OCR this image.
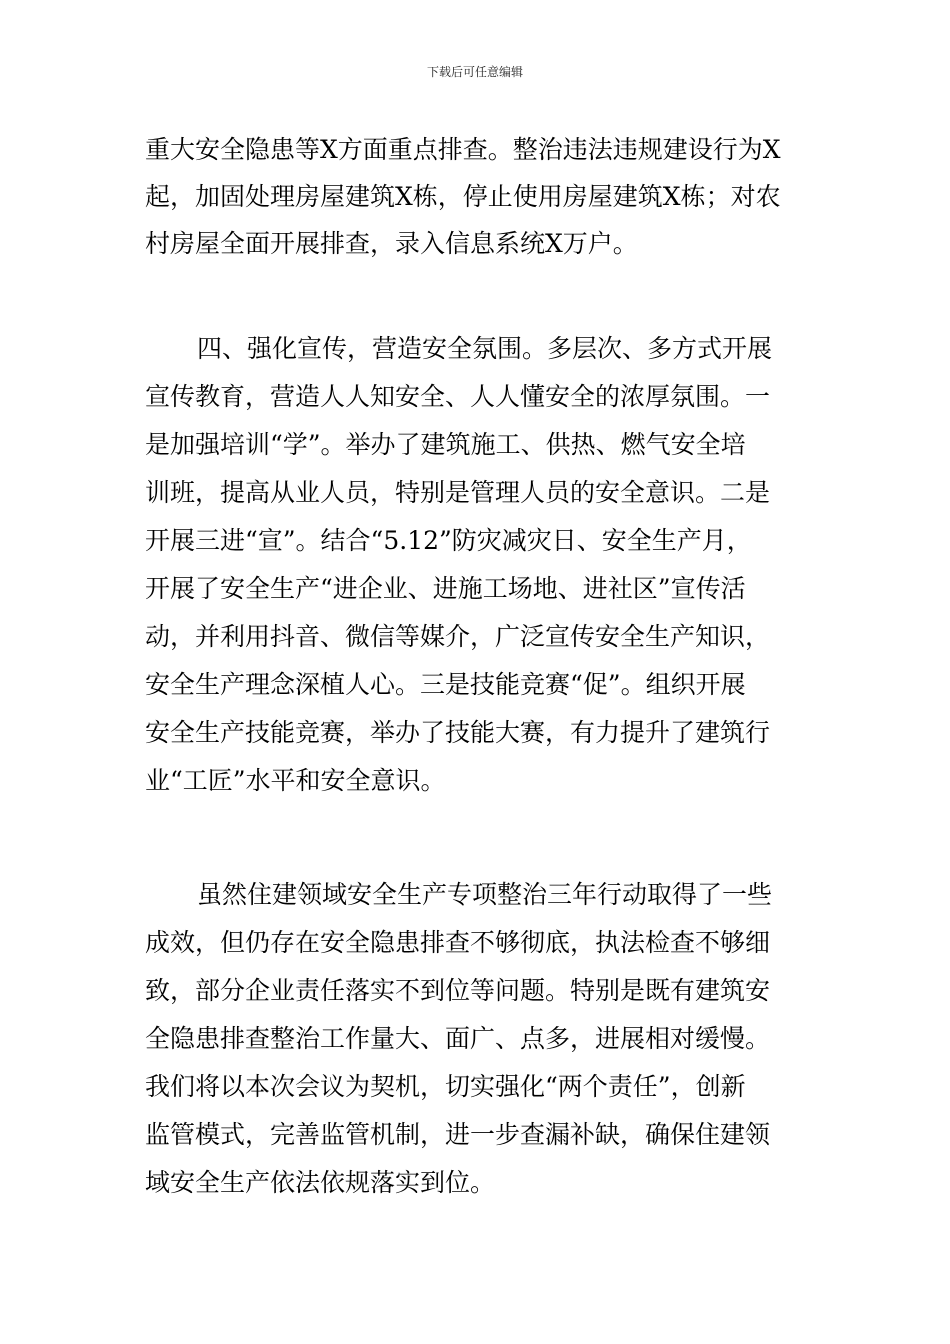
下载后可任意编辑
重大安全隐患等X方面重点排查。整治违法违规建设行为X
起，加固处理房屋建筑X栋，停止使用房屋建筑X栋；对农
村房屋全面开展排查，录入信息系统X万户。
四、强化宣传，营造安全氛围。多层次、多方式开展
宣传教育，营造人人知安全、人人懂安全的浓厚氛围。一
是加强培训“学”。举办了建筑施工、供热、燃气安全培
训班，提高从业人员，特别是管理人员的安全意识。二是
开展三进“宣”。结合“5.12”防灾减灾日、安全生产月，
开展了安全生产“进企业、进施工场地、进社区”宣传活
动，并利用抖音、微信等媒介，广泛宣传安全生产知识，
安全生产理念深植人心。三是技能竞赛“促”。组织开展
安全生产技能竞赛，举办了技能大赛，有力提升了建筑行
业“工匠”水平和安全意识。
虽然住建领域安全生产专项整治三年行动取得了一些
成效，但仍存在安全隐患排查不够彻底，执法检查不够细
致，部分企业责任落实不到位等问题。特别是既有建筑安
全隐患排查整治工作量大、面广、点多，进展相对缓慢。
我们将以本次会议为契机，切实强化“两个责任”，创新
监管模式，完善监管机制，进一步查漏补缺，确保住建领
域安全生产依法依规落实到位。
